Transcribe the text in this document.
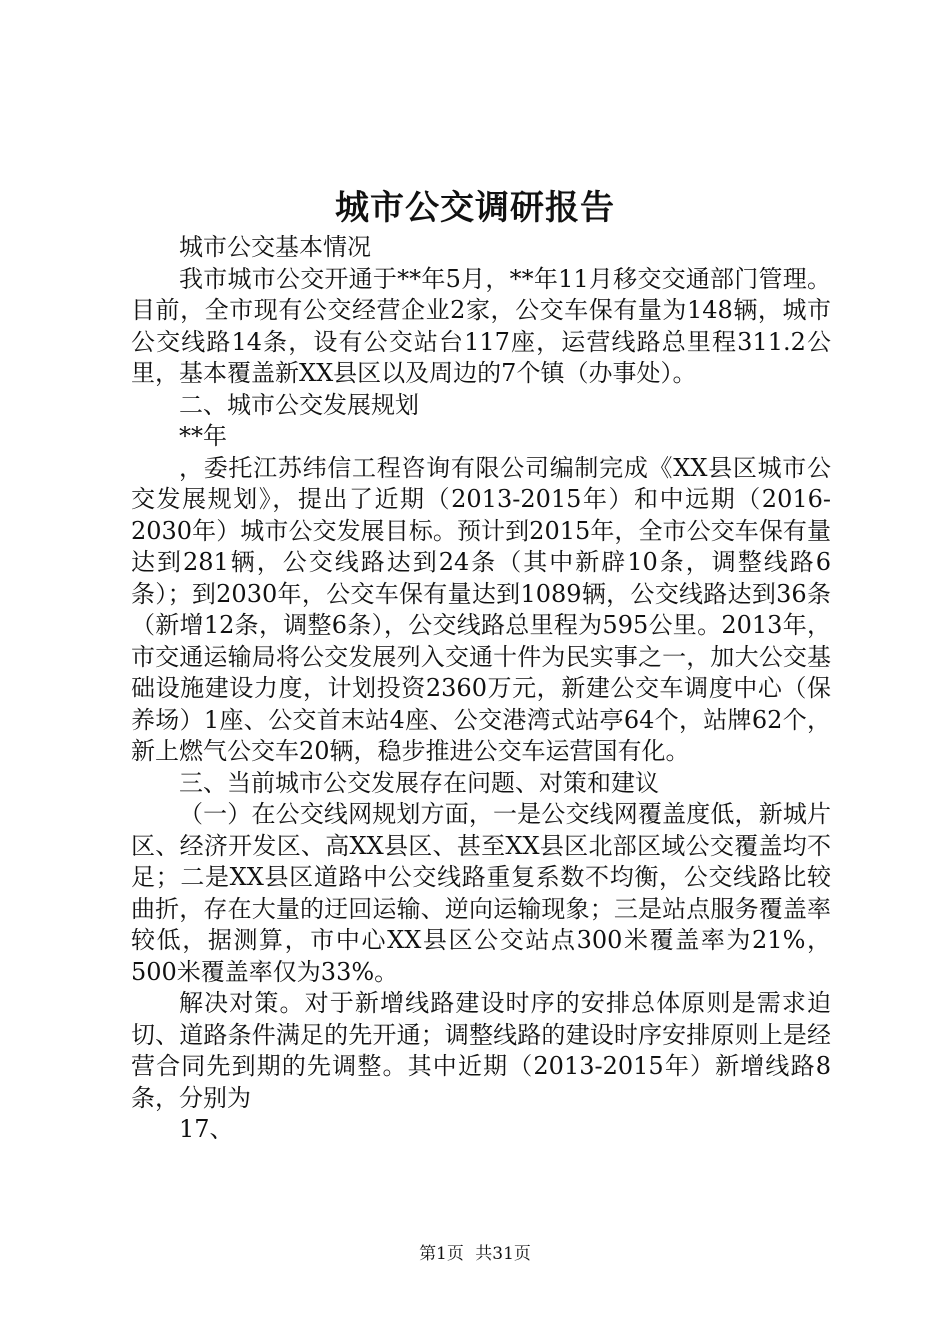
城市公交调研报告

城市公交基本情况

我市城市公交开通于**年5月，**年11月移交交通部门管理。目前，全市现有公交经营企业2家，公交车保有量为148辆，城市公交线路14条，设有公交站台117座，运营线路总里程311.2公里，基本覆盖新XX县区以及周边的7个镇（办事处）。

二、城市公交发展规划

**年

，委托江苏纬信工程咨询有限公司编制完成《XX县区城市公交发展规划》，提出了近期（2013-2015年）和中远期（2016-2030年）城市公交发展目标。预计到2015年，全市公交车保有量达到281辆，公交线路达到24条（其中新辟10条，调整线路6条）；到2030年，公交车保有量达到1089辆，公交线路达到36条（新增12条，调整6条），公交线路总里程为595公里。2013年，市交通运输局将公交发展列入交通十件为民实事之一，加大公交基础设施建设力度，计划投资2360万元，新建公交车调度中心（保养场）1座、公交首末站4座、公交港湾式站亭64个，站牌62个，新上燃气公交车20辆，稳步推进公交车运营国有化。

三、当前城市公交发展存在问题、对策和建议

（一）在公交线网规划方面，一是公交线网覆盖度低，新城片区、经济开发区、高XX县区、甚至XX县区北部区域公交覆盖均不足；二是XX县区道路中公交线路重复系数不均衡，公交线路比较曲折，存在大量的迂回运输、逆向运输现象；三是站点服务覆盖率较低，据测算，市中心XX县区公交站点300米覆盖率为21%，500米覆盖率仅为33%。

解决对策。对于新增线路建设时序的安排总体原则是需求迫切、道路条件满足的先开通；调整线路的建设时序安排原则上是经营合同先到期的先调整。其中近期（2013-2015年）新增线路8条，分别为

17、

第1页 共31页
